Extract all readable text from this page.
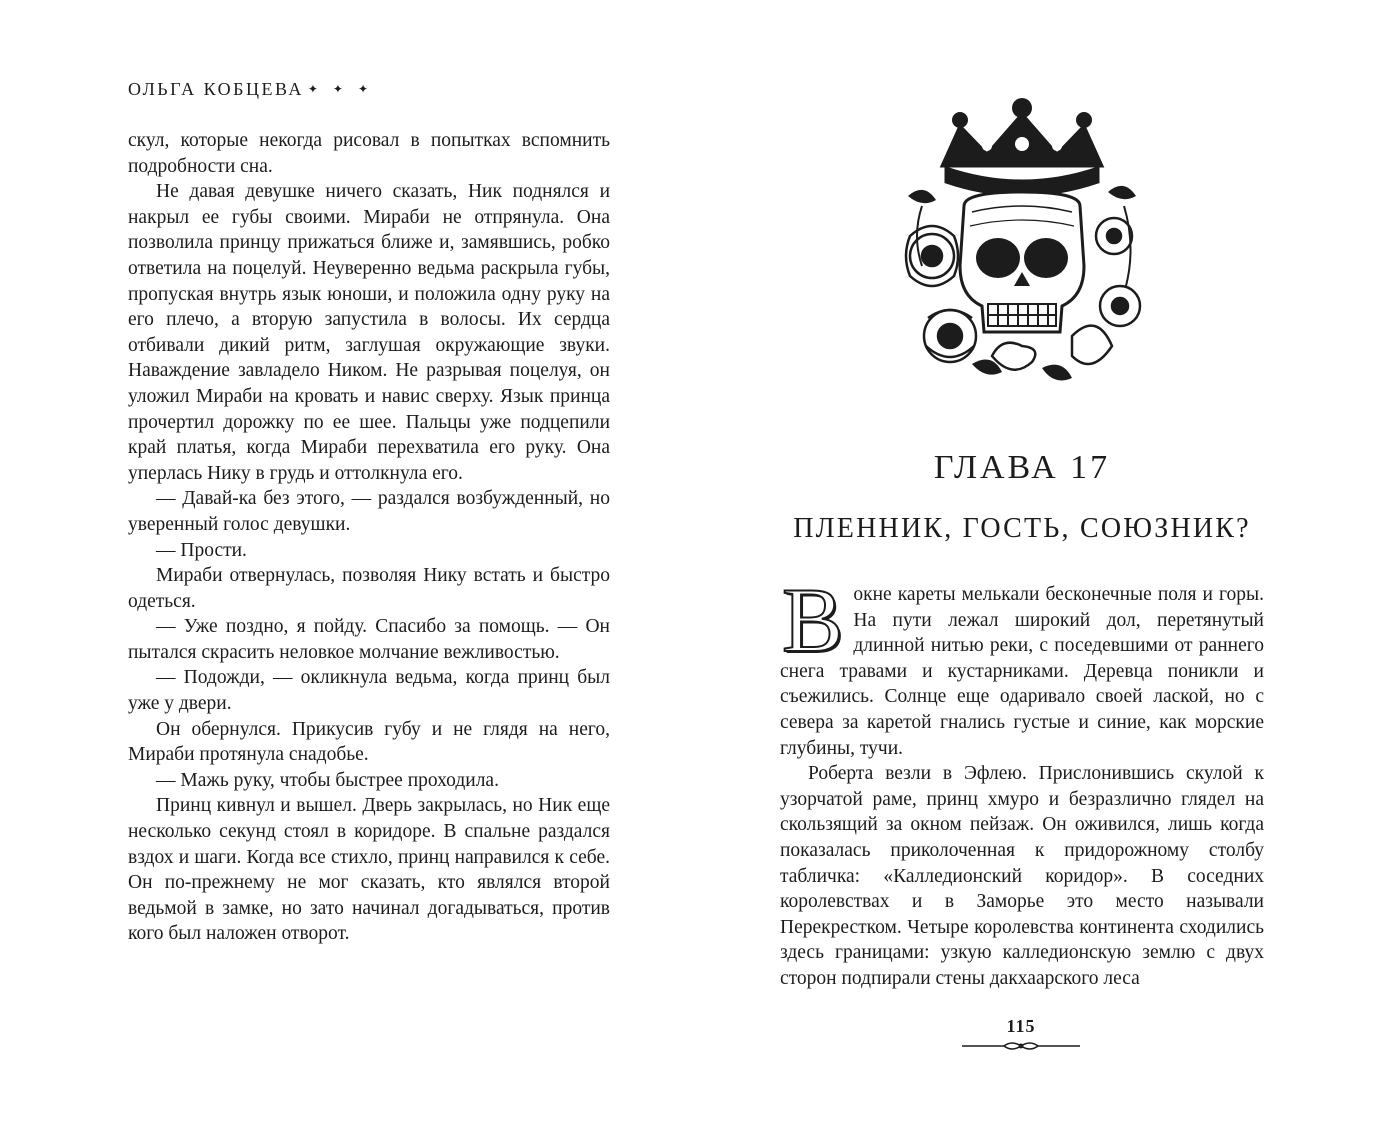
ОЛЬГА КОБЦЕВА ✦ ✦ ✦

скул, которые некогда рисовал в попытках вспомнить подробности сна.

Не давая девушке ничего сказать, Ник поднялся и накрыл ее губы своими. Мираби не отпрянула. Она позволила принцу прижаться ближе и, замявшись, робко ответила на поцелуй. Неуверенно ведьма раскрыла губы, пропуская внутрь язык юноши, и положила одну руку на его плечо, а вторую запустила в волосы. Их сердца отбивали дикий ритм, заглушая окружающие звуки. Наваждение завладело Ником. Не разрывая поцелуя, он уложил Мираби на кровать и навис сверху. Язык принца прочертил дорожку по ее шее. Пальцы уже подцепили край платья, когда Мираби перехватила его руку. Она уперлась Нику в грудь и оттолкнула его.

— Давай-ка без этого, — раздался возбужденный, но уверенный голос девушки.

— Прости.

Мираби отвернулась, позволяя Нику встать и быстро одеться.

— Уже поздно, я пойду. Спасибо за помощь. — Он пытался скрасить неловкое молчание вежливостью.

— Подожди, — окликнула ведьма, когда принц был уже у двери.

Он обернулся. Прикусив губу и не глядя на него, Мираби протянула снадобье.

— Мажь руку, чтобы быстрее проходила.

Принц кивнул и вышел. Дверь закрылась, но Ник еще несколько секунд стоял в коридоре. В спальне раздался вздох и шаги. Когда все стихло, принц направился к себе. Он по-прежнему не мог сказать, кто являлся второй ведьмой в замке, но зато начинал догадываться, против кого был наложен отворот.

ГЛАВА 17
ПЛЕННИК, ГОСТЬ, СОЮЗНИК?

Вокне кареты мелькали бесконечные поля и горы. На пути лежал широкий дол, перетянутый длинной нитью реки, с поседевшими от раннего снега травами и кустарниками. Деревца поникли и съежились. Солнце еще одаривало своей лаской, но с севера за каретой гнались густые и синие, как морские глубины, тучи.

Роберта везли в Эфлею. Прислонившись скулой к узорчатой раме, принц хмуро и безразлично глядел на скользящий за окном пейзаж. Он оживился, лишь когда показалась приколоченная к придорожному столбу табличка: «Калледионский коридор». В соседних королевствах и в Заморье это место называли Перекрестком. Четыре королевства континента сходились здесь границами: узкую калледионскую землю с двух сторон подпирали стены дакхаарского леса

115
